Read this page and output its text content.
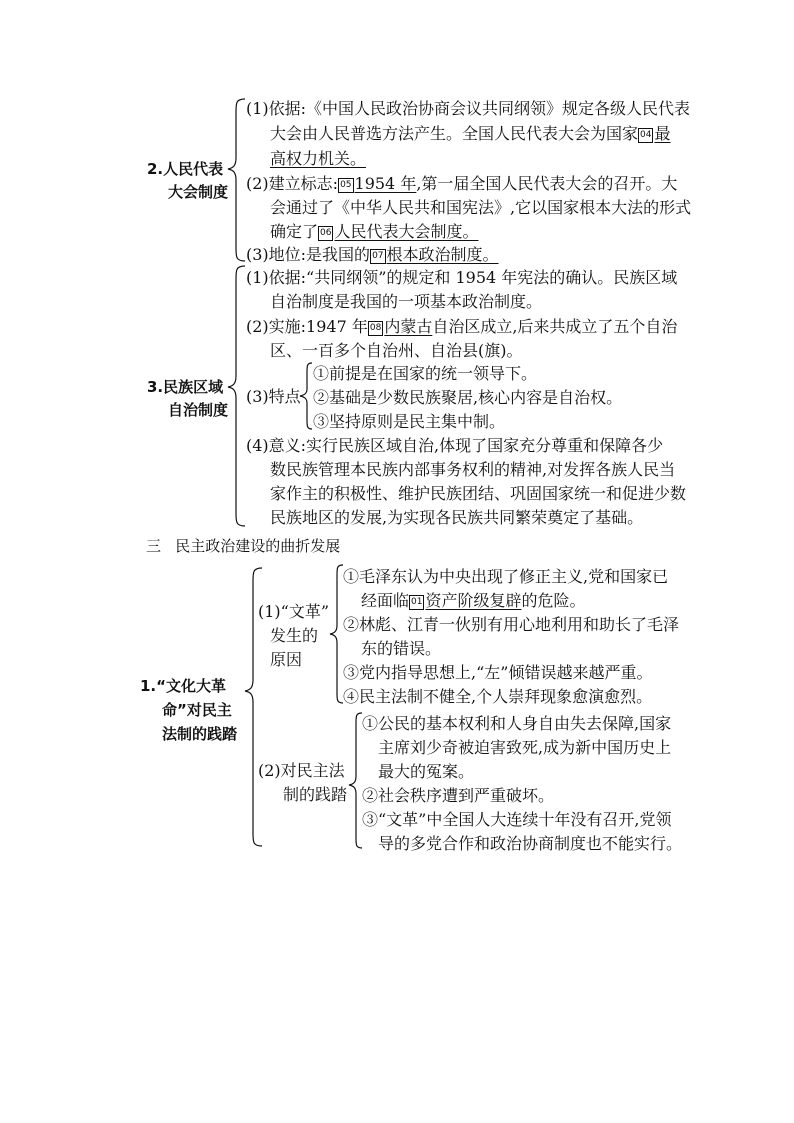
2.人民代表
大会制度
(1)依据:《中国人民政治协商会议共同纲领》规定各级人民代表
大会由人民普选方法产生。全国人民代表大会为国家 04 最
高权力机关。
(2)建立标志: 05 1954 年,第一届全国人民代表大会的召开。大
会通过了《中华人民共和国宪法》,它以国家根本大法的形式
确定了 06 人民代表大会制度。
(3)地位:是我国的 07 根本政治制度。
3.民族区域
自治制度
(1)依据:“共同纲领”的规定和 1954 年宪法的确认。民族区域
自治制度是我国的一项基本政治制度。
(2)实施:1947 年 08 内蒙古自治区成立,后来共成立了五个自治
区、一百多个自治州、自治县(旗)。
(3)特点
①前提是在国家的统一领导下。
②基础是少数民族聚居,核心内容是自治权。
③坚持原则是民主集中制。
(4)意义:实行民族区域自治,体现了国家充分尊重和保障各少
数民族管理本民族内部事务权利的精神,对发挥各族人民当
家作主的积极性、维护民族团结、巩固国家统一和促进少数
民族地区的发展,为实现各民族共同繁荣奠定了基础。
三   民主政治建设的曲折发展
1.“文化大革
命”对民主
法制的践踏
(1)“文革”
发生的
原因
①毛泽东认为中央出现了修正主义,党和国家已
经面临 01 资产阶级复辟的危险。
②林彪、江青一伙别有用心地利用和助长了毛泽
东的错误。
③党内指导思想上,“左”倾错误越来越严重。
④民主法制不健全,个人崇拜现象愈演愈烈。
(2)对民主法
制的践踏
①公民的基本权利和人身自由失去保障,国家
主席刘少奇被迫害致死,成为新中国历史上
最大的冤案。
②社会秩序遭到严重破坏。
③“文革”中全国人大连续十年没有召开,党领
导的多党合作和政治协商制度也不能实行。
